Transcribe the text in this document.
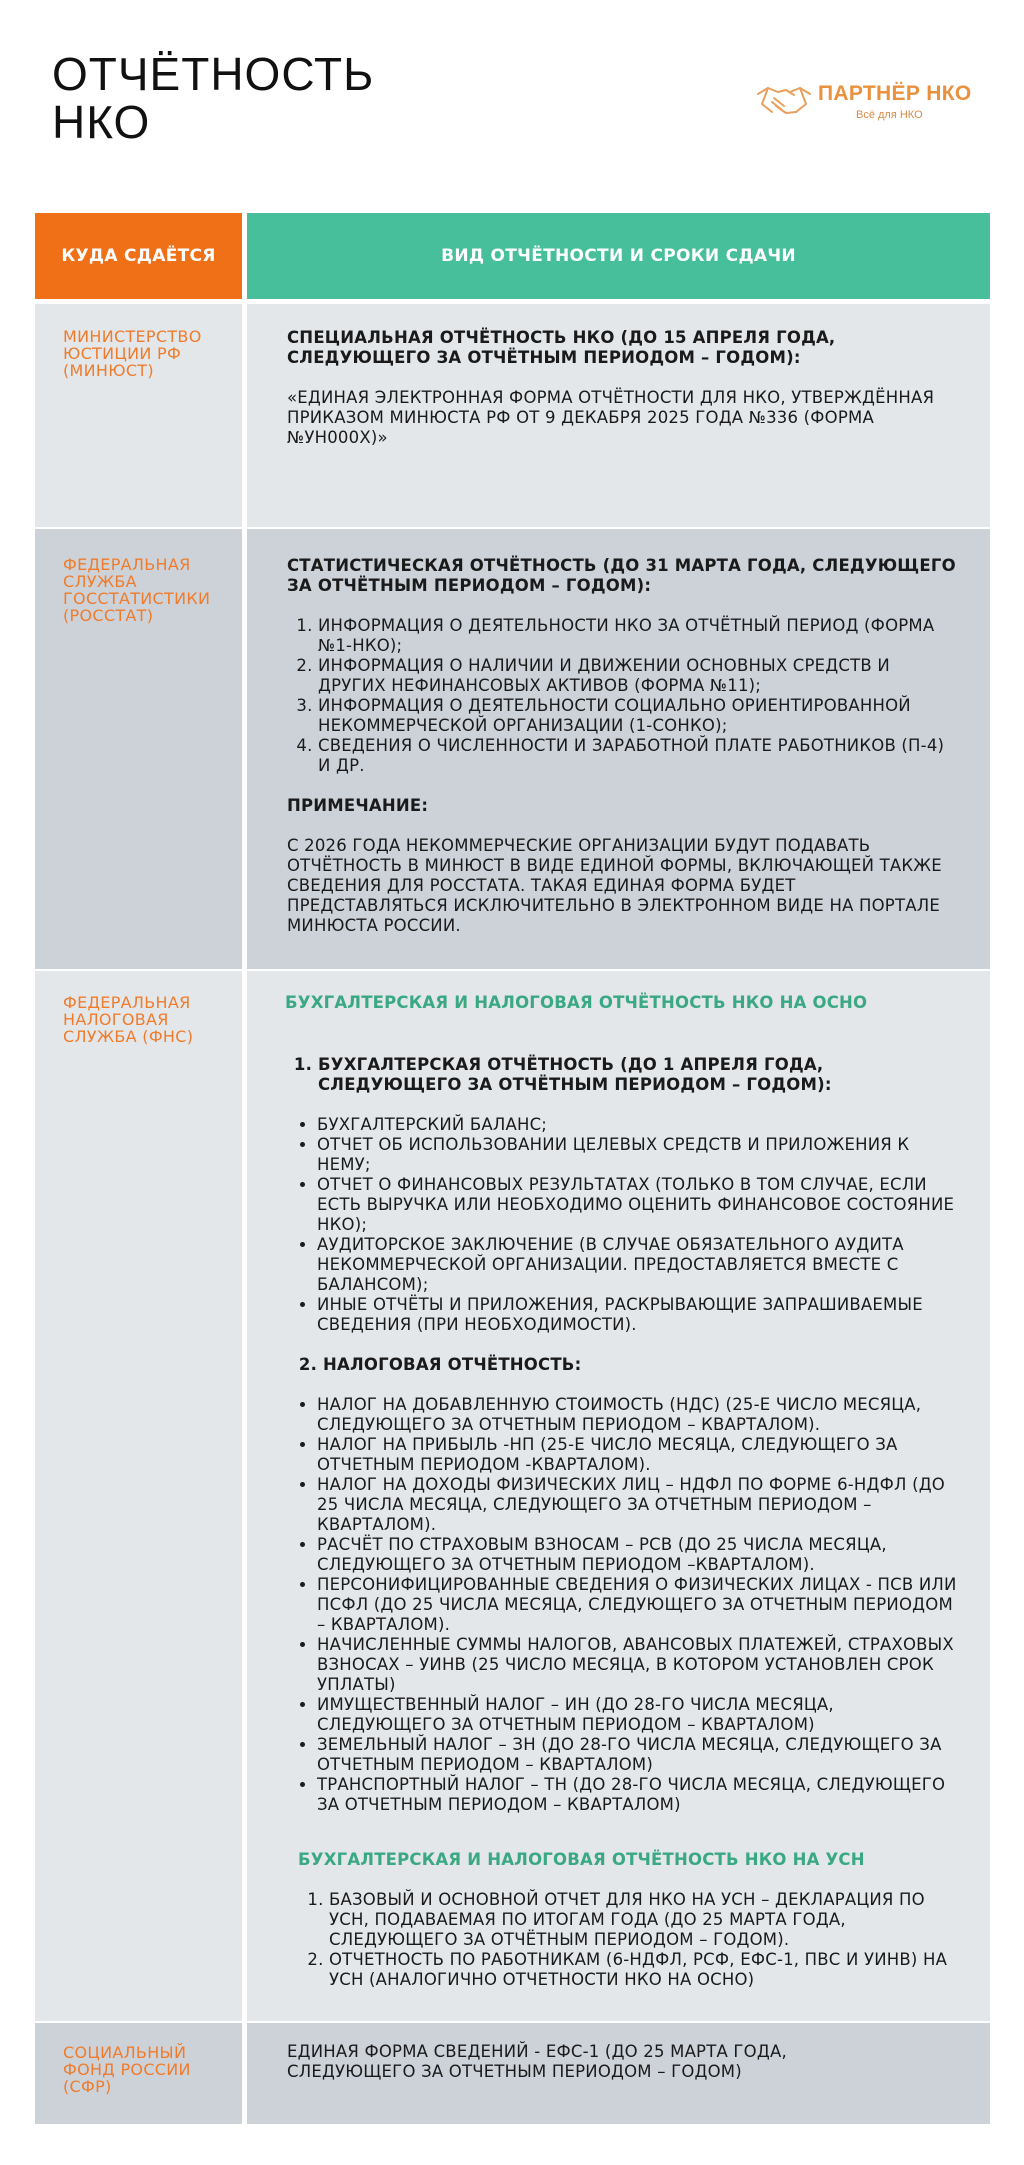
ОТЧЁТНОСТЬ
НКО
ПАРТНЁР НКО
Всё для НКО
КУДА СДАЁТСЯ	ВИД ОТЧЁТНОСТИ И СРОКИ СДАЧИ
МИНИСТЕРСТВО ЮСТИЦИИ РФ (МИНЮСТ)
СПЕЦИАЛЬНАЯ ОТЧЁТНОСТЬ НКО (ДО 15 АПРЕЛЯ ГОДА, СЛЕДУЮЩЕГО ЗА ОТЧЁТНЫМ ПЕРИОДОМ – ГОДОМ):
«ЕДИНАЯ ЭЛЕКТРОННАЯ ФОРМА ОТЧЁТНОСТИ ДЛЯ НКО, УТВЕРЖДЁННАЯ ПРИКАЗОМ МИНЮСТА РФ ОТ 9 ДЕКАБРЯ 2025 ГОДА №336 (ФОРМА №УН000Х)»
ФЕДЕРАЛЬНАЯ СЛУЖБА ГОССТАТИСТИКИ (РОССТАТ)
СТАТИСТИЧЕСКАЯ ОТЧЁТНОСТЬ (ДО 31 МАРТА ГОДА, СЛЕДУЮЩЕГО ЗА ОТЧЁТНЫМ ПЕРИОДОМ – ГОДОМ):
1. ИНФОРМАЦИЯ О ДЕЯТЕЛЬНОСТИ НКО ЗА ОТЧЁТНЫЙ ПЕРИОД (ФОРМА №1-НКО);
2. ИНФОРМАЦИЯ О НАЛИЧИИ И ДВИЖЕНИИ ОСНОВНЫХ СРЕДСТВ И ДРУГИХ НЕФИНАНСОВЫХ АКТИВОВ (ФОРМА №11);
3. ИНФОРМАЦИЯ О ДЕЯТЕЛЬНОСТИ СОЦИАЛЬНО ОРИЕНТИРОВАННОЙ НЕКОММЕРЧЕСКОЙ ОРГАНИЗАЦИИ (1-СОНКО);
4. СВЕДЕНИЯ О ЧИСЛЕННОСТИ И ЗАРАБОТНОЙ ПЛАТЕ РАБОТНИКОВ (П-4) И ДР.
ПРИМЕЧАНИЕ:
С 2026 ГОДА НЕКОММЕРЧЕСКИЕ ОРГАНИЗАЦИИ БУДУТ ПОДАВАТЬ ОТЧЁТНОСТЬ В МИНЮСТ В ВИДЕ ЕДИНОЙ ФОРМЫ, ВКЛЮЧАЮЩЕЙ ТАКЖЕ СВЕДЕНИЯ ДЛЯ РОССТАТА. ТАКАЯ ЕДИНАЯ ФОРМА БУДЕТ ПРЕДСТАВЛЯТЬСЯ ИСКЛЮЧИТЕЛЬНО В ЭЛЕКТРОННОМ ВИДЕ НА ПОРТАЛЕ МИНЮСТА РОССИИ.
ФЕДЕРАЛЬНАЯ НАЛОГОВАЯ СЛУЖБА (ФНС)
БУХГАЛТЕРСКАЯ И НАЛОГОВАЯ ОТЧЁТНОСТЬ НКО НА ОСНО
1. БУХГАЛТЕРСКАЯ ОТЧЁТНОСТЬ (ДО 1 АПРЕЛЯ ГОДА, СЛЕДУЮЩЕГО ЗА ОТЧЁТНЫМ ПЕРИОДОМ – ГОДОМ):
• БУХГАЛТЕРСКИЙ БАЛАНС;
• ОТЧЕТ ОБ ИСПОЛЬЗОВАНИИ ЦЕЛЕВЫХ СРЕДСТВ И ПРИЛОЖЕНИЯ К НЕМУ;
• ОТЧЕТ О ФИНАНСОВЫХ РЕЗУЛЬТАТАХ (ТОЛЬКО В ТОМ СЛУЧАЕ, ЕСЛИ ЕСТЬ ВЫРУЧКА ИЛИ НЕОБХОДИМО ОЦЕНИТЬ ФИНАНСОВОЕ СОСТОЯНИЕ НКО);
• АУДИТОРСКОЕ ЗАКЛЮЧЕНИЕ (В СЛУЧАЕ ОБЯЗАТЕЛЬНОГО АУДИТА НЕКОММЕРЧЕСКОЙ ОРГАНИЗАЦИИ. ПРЕДОСТАВЛЯЕТСЯ ВМЕСТЕ С БАЛАНСОМ);
• ИНЫЕ ОТЧЁТЫ И ПРИЛОЖЕНИЯ, РАСКРЫВАЮЩИЕ ЗАПРАШИВАЕМЫЕ СВЕДЕНИЯ (ПРИ НЕОБХОДИМОСТИ).
2. НАЛОГОВАЯ ОТЧЁТНОСТЬ:
• НАЛОГ НА ДОБАВЛЕННУЮ СТОИМОСТЬ (НДС) (25-Е ЧИСЛО МЕСЯЦА, СЛЕДУЮЩЕГО ЗА ОТЧЕТНЫМ ПЕРИОДОМ – КВАРТАЛОМ).
• НАЛОГ НА ПРИБЫЛЬ -НП (25-Е ЧИСЛО МЕСЯЦА, СЛЕДУЮЩЕГО ЗА ОТЧЕТНЫМ ПЕРИОДОМ -КВАРТАЛОМ).
• НАЛОГ НА ДОХОДЫ ФИЗИЧЕСКИХ ЛИЦ – НДФЛ ПО ФОРМЕ 6-НДФЛ (ДО 25 ЧИСЛА МЕСЯЦА, СЛЕДУЮЩЕГО ЗА ОТЧЕТНЫМ ПЕРИОДОМ – КВАРТАЛОМ).
• РАСЧЁТ ПО СТРАХОВЫМ ВЗНОСАМ – РСВ (ДО 25 ЧИСЛА МЕСЯЦА, СЛЕДУЮЩЕГО ЗА ОТЧЕТНЫМ ПЕРИОДОМ –КВАРТАЛОМ).
• ПЕРСОНИФИЦИРОВАННЫЕ СВЕДЕНИЯ О ФИЗИЧЕСКИХ ЛИЦАХ - ПСВ ИЛИ ПСФЛ (ДО 25 ЧИСЛА МЕСЯЦА, СЛЕДУЮЩЕГО ЗА ОТЧЕТНЫМ ПЕРИОДОМ – КВАРТАЛОМ).
• НАЧИСЛЕННЫЕ СУММЫ НАЛОГОВ, АВАНСОВЫХ ПЛАТЕЖЕЙ, СТРАХОВЫХ ВЗНОСАХ – УИНВ (25 ЧИСЛО МЕСЯЦА, В КОТОРОМ УСТАНОВЛЕН СРОК УПЛАТЫ)
• ИМУЩЕСТВЕННЫЙ НАЛОГ – ИН (ДО 28-ГО ЧИСЛА МЕСЯЦА, СЛЕДУЮЩЕГО ЗА ОТЧЕТНЫМ ПЕРИОДОМ – КВАРТАЛОМ)
• ЗЕМЕЛЬНЫЙ НАЛОГ – ЗН (ДО 28-ГО ЧИСЛА МЕСЯЦА, СЛЕДУЮЩЕГО ЗА ОТЧЕТНЫМ ПЕРИОДОМ – КВАРТАЛОМ)
• ТРАНСПОРТНЫЙ НАЛОГ – ТН (ДО 28-ГО ЧИСЛА МЕСЯЦА, СЛЕДУЮЩЕГО ЗА ОТЧЕТНЫМ ПЕРИОДОМ – КВАРТАЛОМ)
БУХГАЛТЕРСКАЯ И НАЛОГОВАЯ ОТЧЁТНОСТЬ НКО НА УСН
1. БАЗОВЫЙ И ОСНОВНОЙ ОТЧЕТ ДЛЯ НКО НА УСН – ДЕКЛАРАЦИЯ ПО УСН, ПОДАВАЕМАЯ ПО ИТОГАМ ГОДА (ДО 25 МАРТА ГОДА, СЛЕДУЮЩЕГО ЗА ОТЧЁТНЫМ ПЕРИОДОМ – ГОДОМ).
2. ОТЧЕТНОСТЬ ПО РАБОТНИКАМ (6-НДФЛ, РСФ, ЕФС-1, ПВС И УИНВ) НА УСН (АНАЛОГИЧНО ОТЧЕТНОСТИ НКО НА ОСНО)
СОЦИАЛЬНЫЙ ФОНД РОССИИ (СФР)
ЕДИНАЯ ФОРМА СВЕДЕНИЙ - ЕФС-1 (ДО 25 МАРТА ГОДА, СЛЕДУЮЩЕГО ЗА ОТЧЕТНЫМ ПЕРИОДОМ – ГОДОМ)
